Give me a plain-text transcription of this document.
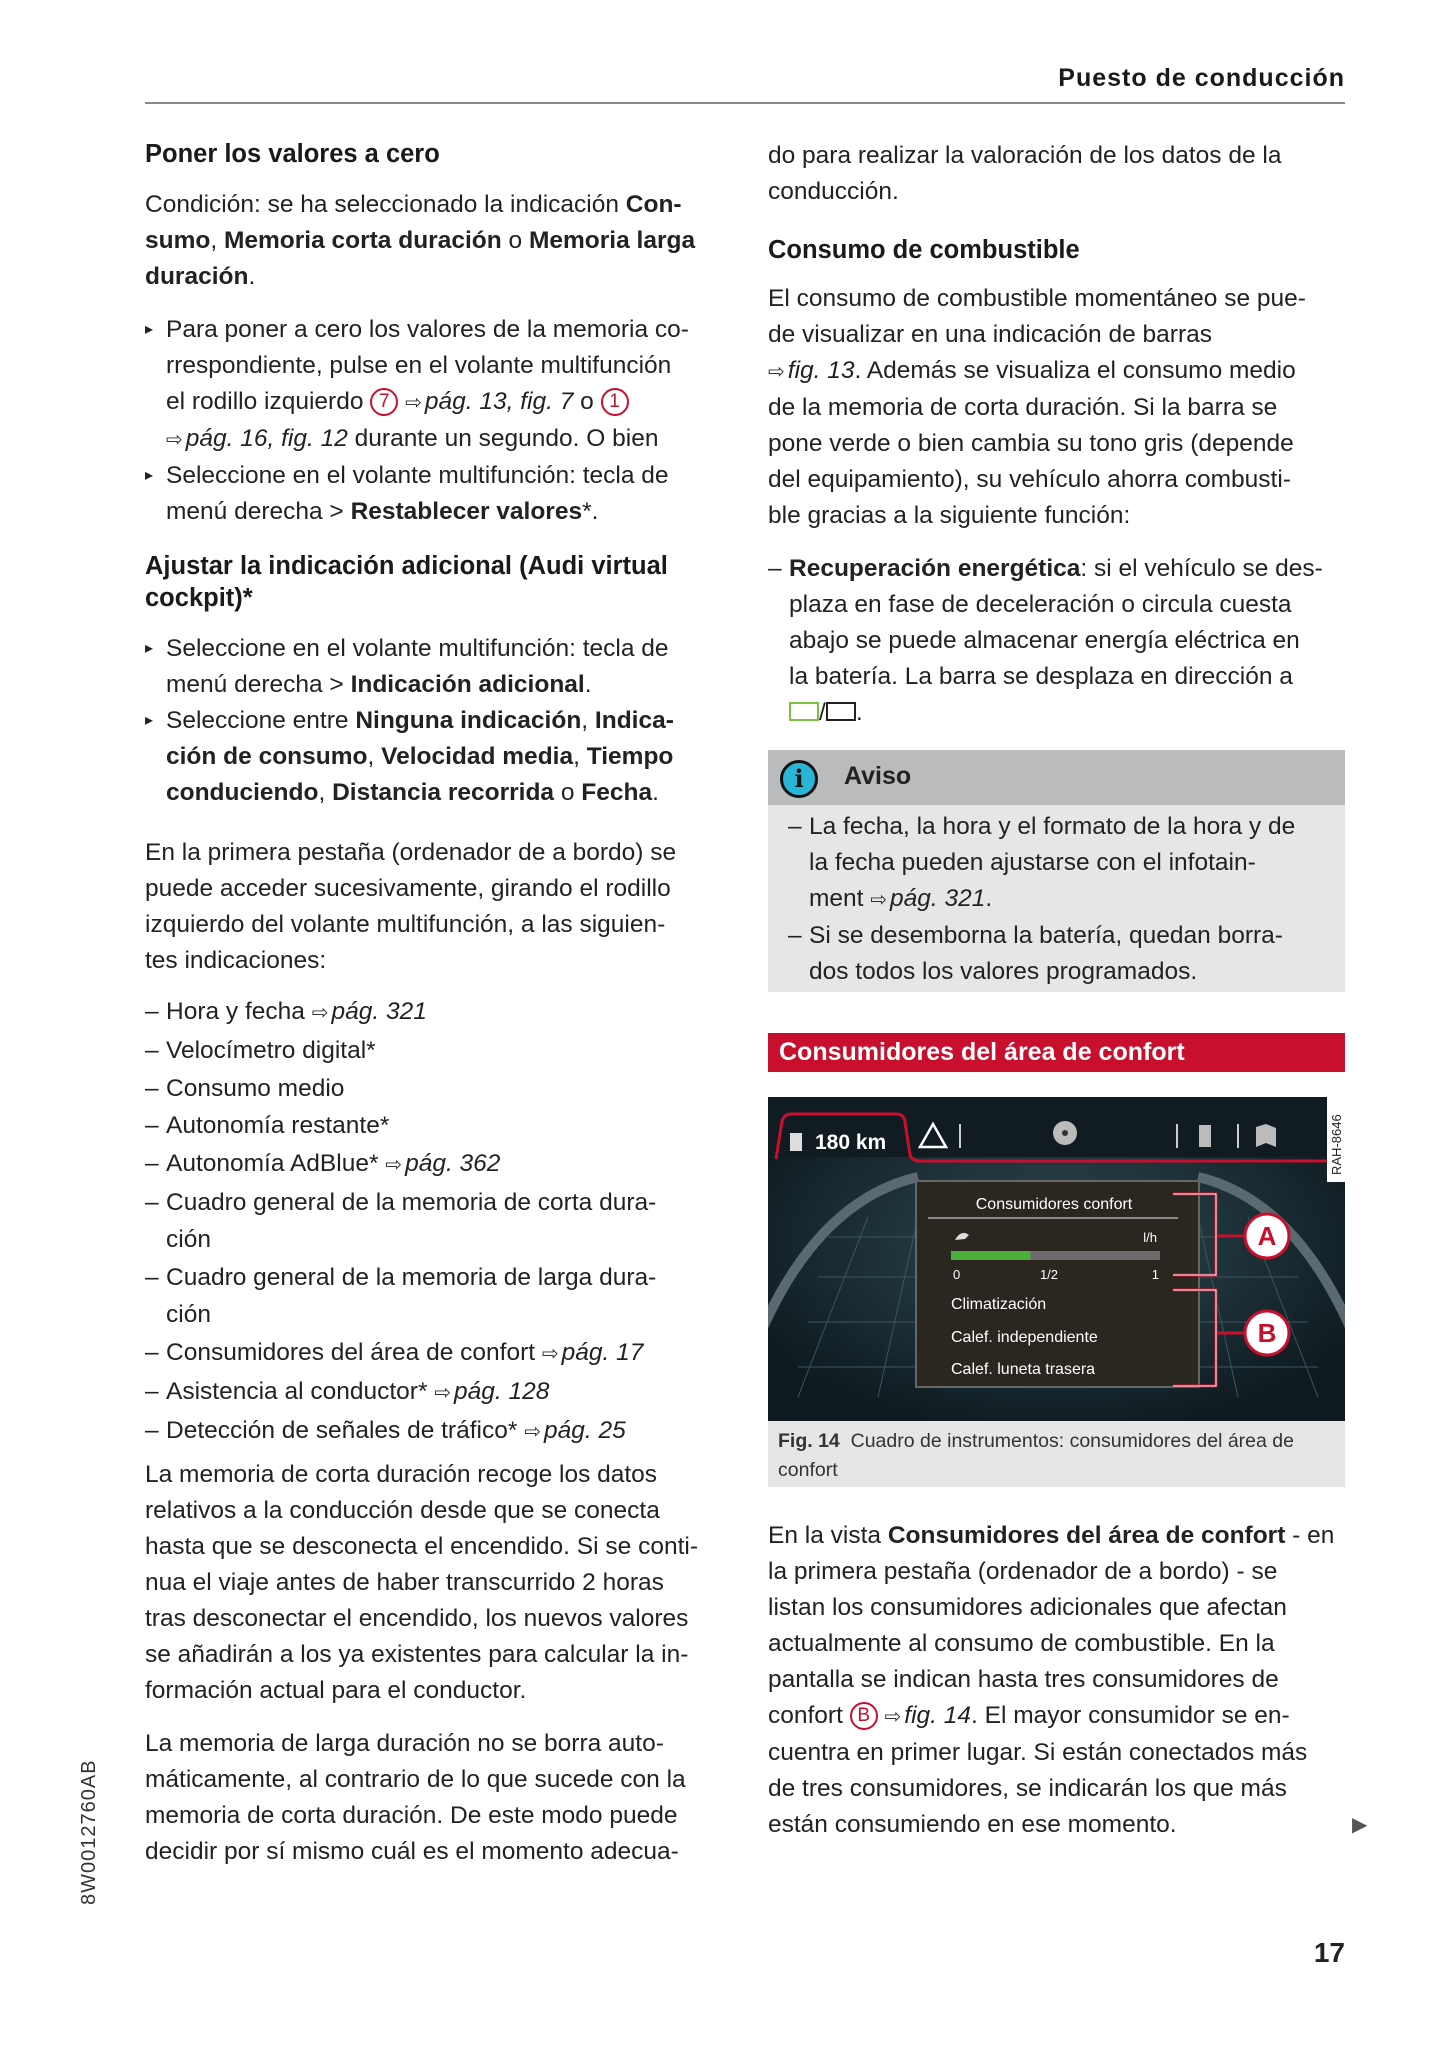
Puesto de conducción
Poner los valores a cero
Condición: se ha seleccionado la indicación Con-
sumo, Memoria corta duración o Memoria larga
duración.
▸ Para poner a cero los valores de la memoria co-
rrespondiente, pulse en el volante multifunción
el rodillo izquierdo 7 ⇨ pág. 13, fig. 7 o 1
⇨ pág. 16, fig. 12 durante un segundo. O bien
▸ Seleccione en el volante multifunción: tecla de
menú derecha > Restablecer valores*.
Ajustar la indicación adicional (Audi virtual
cockpit)*
▸ Seleccione en el volante multifunción: tecla de
menú derecha > Indicación adicional.
▸ Seleccione entre Ninguna indicación, Indica-
ción de consumo, Velocidad media, Tiempo
conduciendo, Distancia recorrida o Fecha.
En la primera pestaña (ordenador de a bordo) se
puede acceder sucesivamente, girando el rodillo
izquierdo del volante multifunción, a las siguien-
tes indicaciones:
– Hora y fecha ⇨ pág. 321
– Velocímetro digital*
– Consumo medio
– Autonomía restante*
– Autonomía AdBlue* ⇨ pág. 362
– Cuadro general de la memoria de corta dura-
ción
– Cuadro general de la memoria de larga dura-
ción
– Consumidores del área de confort ⇨ pág. 17
– Asistencia al conductor* ⇨ pág. 128
– Detección de señales de tráfico* ⇨ pág. 25
La memoria de corta duración recoge los datos
relativos a la conducción desde que se conecta
hasta que se desconecta el encendido. Si se conti-
nua el viaje antes de haber transcurrido 2 horas
tras desconectar el encendido, los nuevos valores
se añadirán a los ya existentes para calcular la in-
formación actual para el conductor.
La memoria de larga duración no se borra auto-
máticamente, al contrario de lo que sucede con la
memoria de corta duración. De este modo puede
decidir por sí mismo cuál es el momento adecua-
do para realizar la valoración de los datos de la
conducción.
Consumo de combustible
El consumo de combustible momentáneo se pue-
de visualizar en una indicación de barras
⇨ fig. 13. Además se visualiza el consumo medio
de la memoria de corta duración. Si la barra se
pone verde o bien cambia su tono gris (depende
del equipamiento), su vehículo ahorra combusti-
ble gracias a la siguiente función:
– Recuperación energética: si el vehículo se des-
plaza en fase de deceleración o circula cuesta
abajo se puede almacenar energía eléctrica en
la batería. La barra se desplaza en dirección a
/ .
i	Aviso
– La fecha, la hora y el formato de la hora y de
la fecha pueden ajustarse con el infotain-
ment ⇨ pág. 321.
– Si se desemborna la batería, quedan borra-
dos todos los valores programados.
Consumidores del área de confort
180 km	RAH-8646
Consumidores confort
l/h
0	1/2	1
Climatización
Calef. independiente
Calef. luneta trasera
A
B
Fig. 14 Cuadro de instrumentos: consumidores del área de
confort
En la vista Consumidores del área de confort - en
la primera pestaña (ordenador de a bordo) - se
listan los consumidores adicionales que afectan
actualmente al consumo de combustible. En la
pantalla se indican hasta tres consumidores de
confort B ⇨ fig. 14. El mayor consumidor se en-
cuentra en primer lugar. Si están conectados más
de tres consumidores, se indicarán los que más
están consumiendo en ese momento.
8W0012760AB	▶
17
